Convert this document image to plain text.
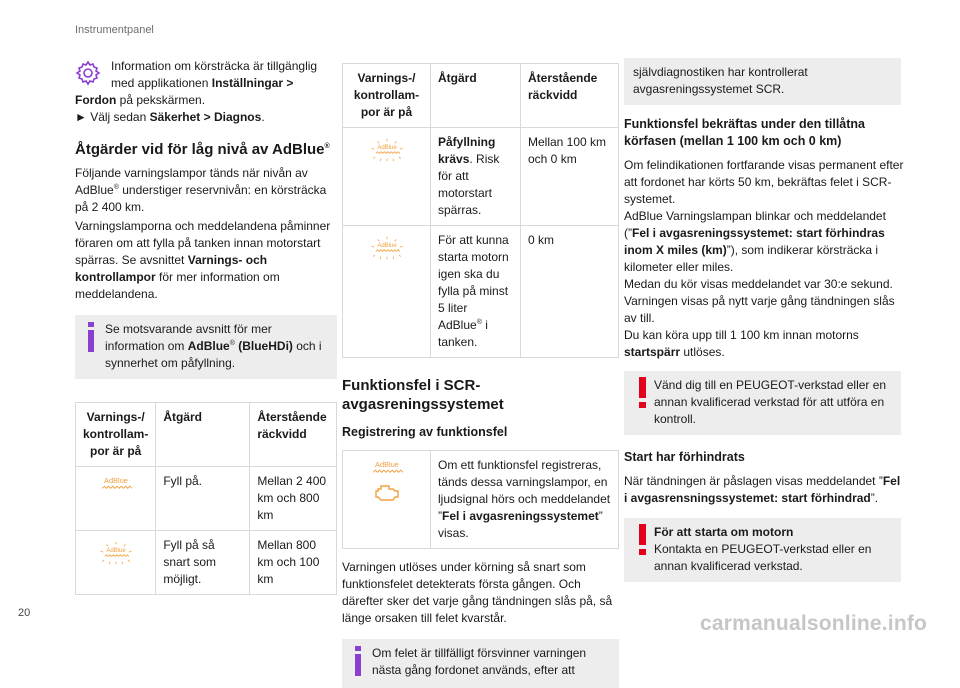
Instrumentpanel
Information om körsträcka är tillgänglig med applikationen Inställningar >
Fordon på pekskärmen.
► Välj sedan Säkerhet > Diagnos.
Åtgärder vid för låg nivå av AdBlue®
Följande varningslampor tänds när nivån av AdBlue® understiger reservnivån: en körsträcka på 2 400 km.
Varningslamporna och meddelandena påminner föraren om att fylla på tanken innan motorstart spärras. Se avsnittet Varnings- och kontrollampor för mer information om meddelandena.
Se motsvarande avsnitt för mer information om AdBlue® (BlueHDi) och i synnerhet om påfyllning.
Varnings-/ kontrollam- por är på	Åtgärd	Återstående räckvidd

	Fyll på.	Mellan 2 400 km och 800 km

	Fyll på så snart som möjligt.	Mellan 800 km och 100 km
Varnings-/ kontrollam- por är på	Åtgärd	Återstående räckvidd

	Påfyllning krävs. Risk för att motorstart spärras.	Mellan 100 km och 0 km

	För att kunna starta motorn igen ska du fylla på minst 5 liter AdBlue® i tanken.	0 km
Funktionsfel i SCR-avgasreningssystemet
Registrering av funktionsfel
	Om ett funktionsfel registreras, tänds dessa varningslampor, en ljudsignal hörs och meddelandet ”Fel i avgasreningssystemet” visas.
Varningen utlöses under körning så snart som funktionsfelet detekterats första gången. Och därefter sker det varje gång tändningen slås på, så länge orsaken till felet kvarstår.
Om felet är tillfälligt försvinner varningen nästa gång fordonet används, efter att
självdiagnostiken har kontrollerat avgasreningssystemet SCR.
Funktionsfel bekräftas under den tillåtna körfasen (mellan 1 100 km och 0 km)
Om felindikationen fortfarande visas permanent efter att fordonet har körts 50 km, bekräftas felet i SCR-systemet.
AdBlue Varningslampan blinkar och meddelandet (”Fel i avgasreningssystemet: start förhindras inom X miles (km)”), som indikerar körsträcka i kilometer eller miles.
Medan du kör visas meddelandet var 30:e sekund. Varningen visas på nytt varje gång tändningen slås av till.
Du kan köra upp till 1 100 km innan motorns startspärr utlöses.
Vänd dig till en PEUGEOT-verkstad eller en annan kvalificerad verkstad för att utföra en kontroll.
Start har förhindrats
När tändningen är påslagen visas meddelandet ”Fel i avgasrensningssystemet: start förhindrad”.
För att starta om motorn
Kontakta en PEUGEOT-verkstad eller en annan kvalificerad verkstad.
20	carmanualsonline.info
